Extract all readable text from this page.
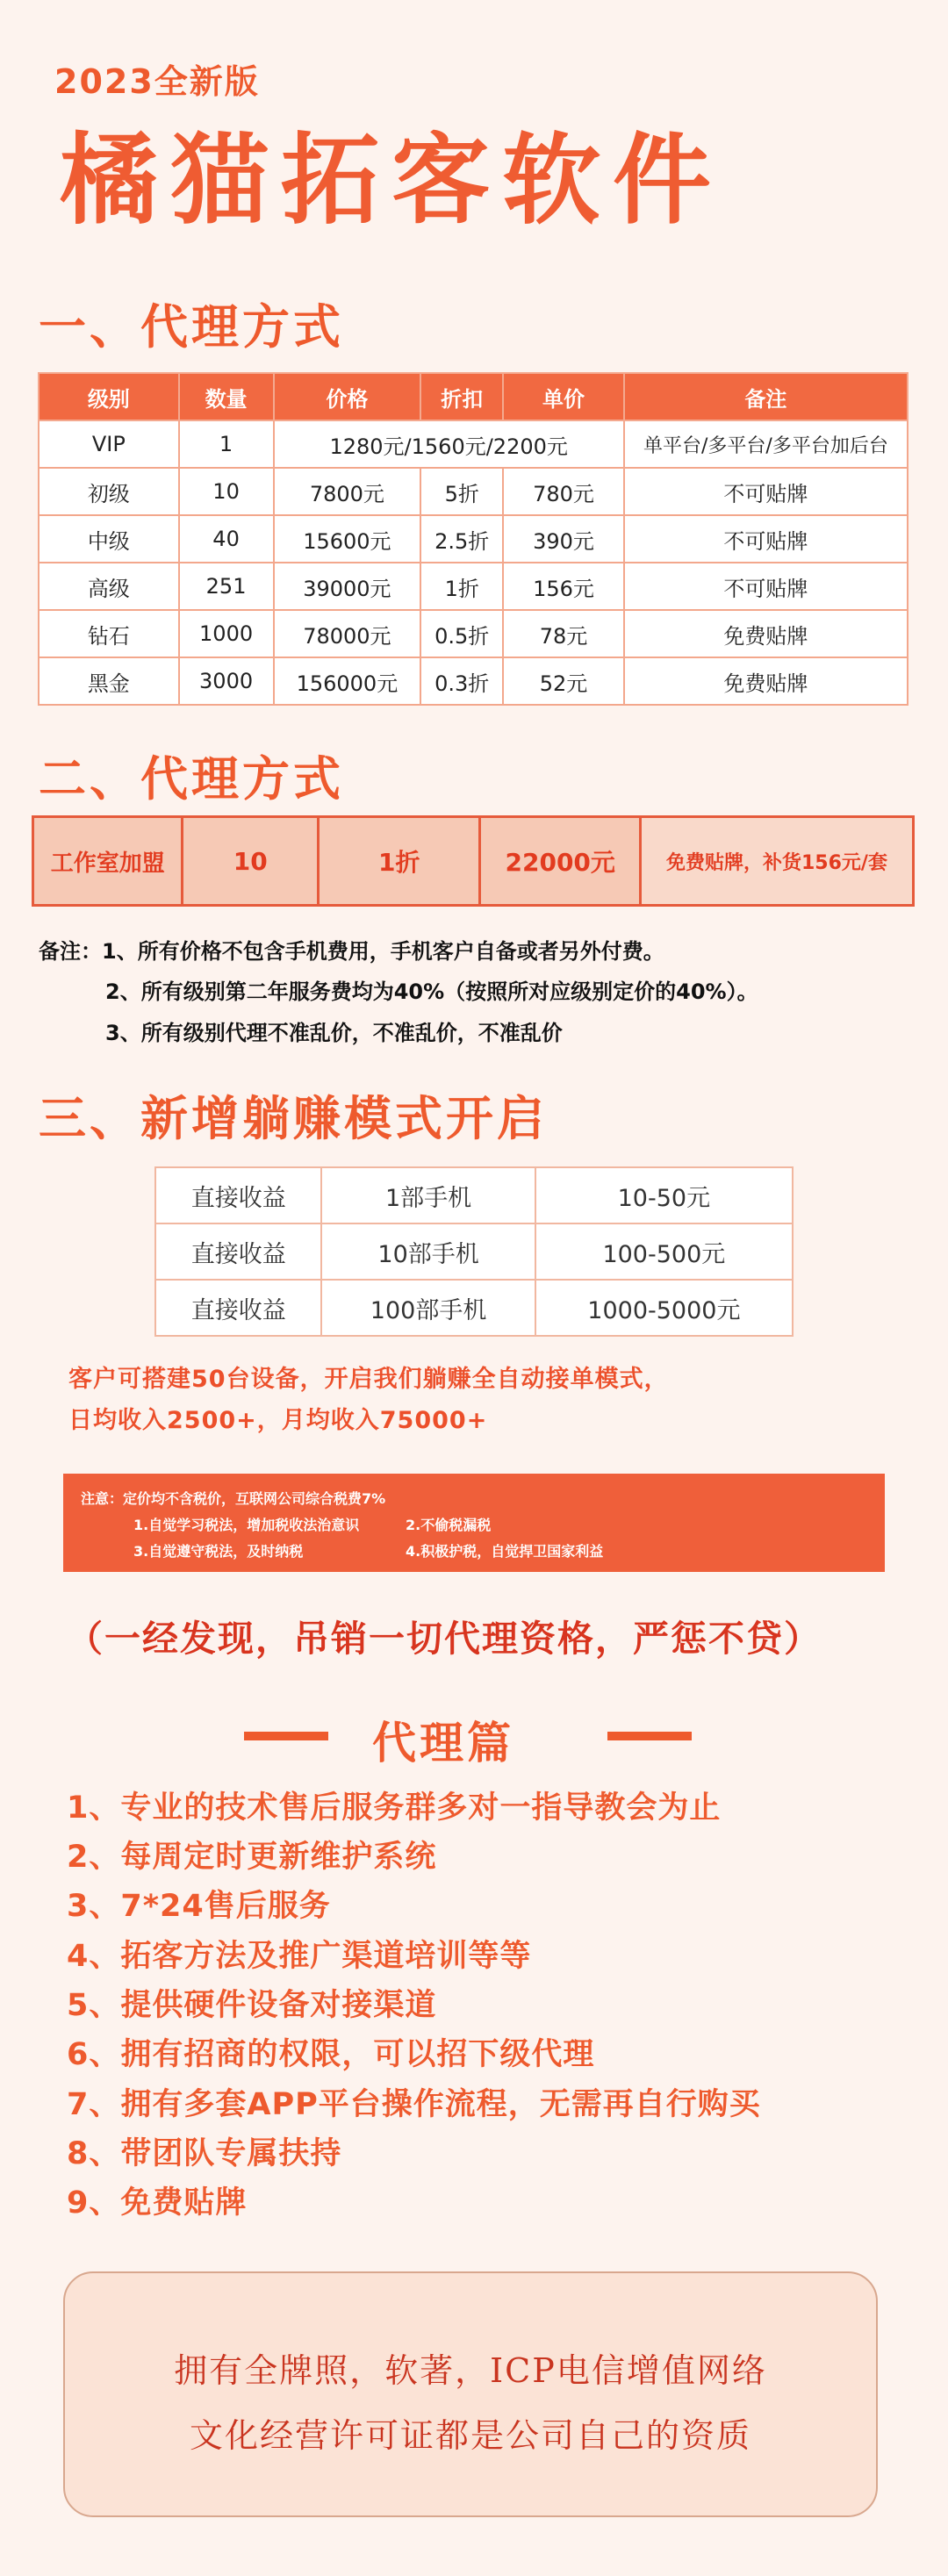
2023全新版
橘猫拓客软件
一、代理方式
级别	数量	价格	折扣	单价	备注
VIP	1	1280元/1560元/2200元			单平台/多平台/多平台加后台
初级	10	7800元	5折	780元	不可贴牌
中级	40	15600元	2.5折	390元	不可贴牌
高级	251	39000元	1折	156元	不可贴牌
钻石	1000	78000元	0.5折	78元	免费贴牌
黑金	3000	156000元	0.3折	52元	免费贴牌
二、代理方式
工作室加盟	10	1折	22000元	免费贴牌，补货156元/套
备注：1、所有价格不包含手机费用，手机客户自备或者另外付费。
2、所有级别第二年服务费均为40%（按照所对应级别定价的40%）。
3、所有级别代理不准乱价，不准乱价，不准乱价
三、新增躺赚模式开启
直接收益	1部手机	10-50元
直接收益	10部手机	100-500元
直接收益	100部手机	1000-5000元
客户可搭建50台设备，开启我们躺赚全自动接单模式，
日均收入2500+，月均收入75000+
注意：定价均不含税价，互联网公司综合税费7%
1.自觉学习税法，增加税收法治意识	2.不偷税漏税
3.自觉遵守税法，及时纳税	4.积极护税，自觉捍卫国家利益
（一经发现，吊销一切代理资格，严惩不贷）
代理篇
1、专业的技术售后服务群多对一指导教会为止
2、每周定时更新维护系统
3、7*24售后服务
4、拓客方法及推广渠道培训等等
5、提供硬件设备对接渠道
6、拥有招商的权限，可以招下级代理
7、拥有多套APP平台操作流程，无需再自行购买
8、带团队专属扶持
9、免费贴牌
拥有全牌照，软著，ICP电信增值网络
文化经营许可证都是公司自己的资质
